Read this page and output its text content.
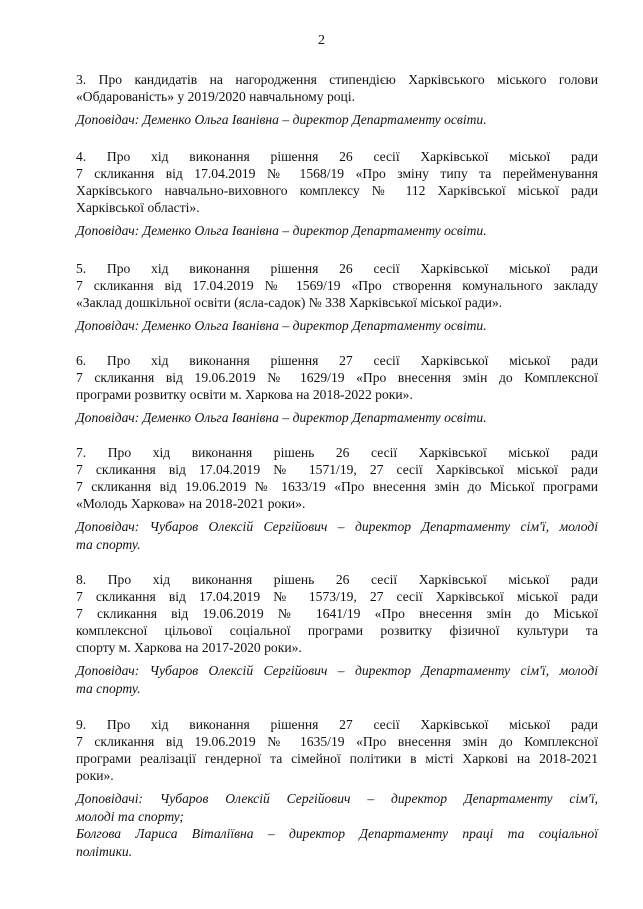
2
3. Про кандидатів на нагородження стипендією Харківського міського голови
«Обдарованість» у 2019/2020 навчальному році.
Доповідач: Деменко Ольга Іванівна – директор Департаменту освіти.
4. Про хід виконання рішення 26 сесії Харківської міської ради
7 скликання від 17.04.2019 № 1568/19 «Про зміну типу та перейменування
Харківського навчально-виховного комплексу № 112 Харківської міської ради
Харківської області».
Доповідач: Деменко Ольга Іванівна – директор Департаменту освіти.
5. Про хід виконання рішення 26 сесії Харківської міської ради
7 скликання від 17.04.2019 № 1569/19 «Про створення комунального закладу
«Заклад дошкільної освіти (ясла-садок) № 338 Харківської міської ради».
Доповідач: Деменко Ольга Іванівна – директор Департаменту освіти.
6. Про хід виконання рішення 27 сесії Харківської міської ради
7 скликання від 19.06.2019 № 1629/19 «Про внесення змін до Комплексної
програми розвитку освіти м. Харкова на 2018-2022 роки».
Доповідач: Деменко Ольга Іванівна – директор Департаменту освіти.
7. Про хід виконання рішень 26 сесії Харківської міської ради
7 скликання від 17.04.2019 № 1571/19, 27 сесії Харківської міської ради
7 скликання від 19.06.2019 № 1633/19 «Про внесення змін до Міської програми
«Молодь Харкова» на 2018-2021 роки».
Доповідач: Чубаров Олексій Сергійович – директор Департаменту сім'ї, молоді
та спорту.
8. Про хід виконання рішень 26 сесії Харківської міської ради
7 скликання від 17.04.2019 № 1573/19, 27 сесії Харківської міської ради
7 скликання від 19.06.2019 № 1641/19 «Про внесення змін до Міської
комплексної цільової соціальної програми розвитку фізичної культури та
спорту м. Харкова на 2017-2020 роки».
Доповідач: Чубаров Олексій Сергійович – директор Департаменту сім'ї, молоді
та спорту.
9. Про хід виконання рішення 27 сесії Харківської міської ради
7 скликання від 19.06.2019 № 1635/19 «Про внесення змін до Комплексної
програми реалізації гендерної та сімейної політики в місті Харкові на 2018-2021
роки».
Доповідачі: Чубаров Олексій Сергійович – директор Департаменту сім'ї,
молоді та спорту;
Болгова Лариса Віталіївна – директор Департаменту праці та соціальної
політики.
